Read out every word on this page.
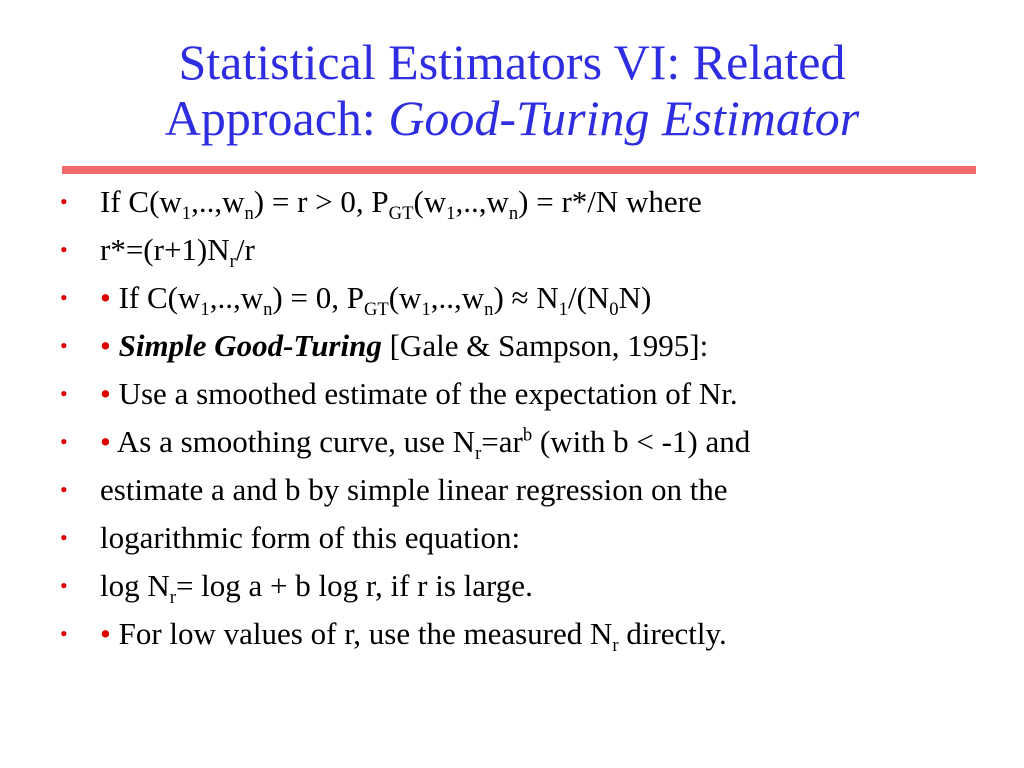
Statistical Estimators VI: Related
Approach: Good-Turing Estimator
•	If $C(w_1,..,w_n) = r > 0$, $P_{GT}(w_1,..,w_n) = r*/N$ where
•	$r*=(r+1)N_r/r$
•	• If $C(w_1,..,w_n) = 0$, $P_{GT}(w_1,..,w_n) \approx N_1/(N_0N)$
•	• Simple Good-Turing [Gale & Sampson, 1995]:
•	• Use a smoothed estimate of the expectation of Nr.
•	• As a smoothing curve, use $N_r=ar^b$ (with b < -1) and
•	estimate a and b by simple linear regression on the
•	logarithmic form of this equation:
•	$\log N_r= \log a + b$ log r, if r is large.
•	• For low values of r, use the measured $N_r$ directly.
